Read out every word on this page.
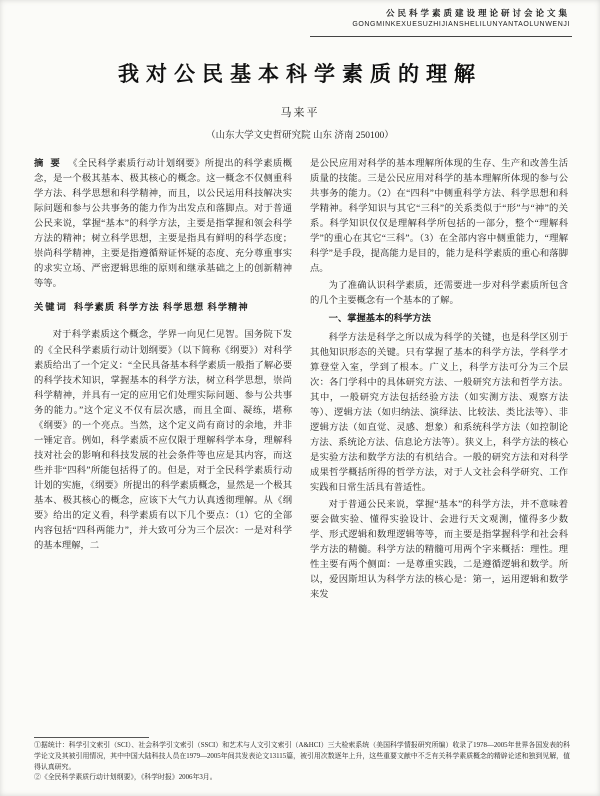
公民科学素质建设理论研讨会论文集
GONGMINKEXUESUZHIJIANSHELILUNYANTAOLUNWENJI
我对公民基本科学素质的理解
马来平
（山东大学文史哲研究院 山东 济南 250100）
摘 要 《全民科学素质行动计划纲要》所提出的科学素质概念，是一个极其基本、极其核心的概念。这一概念不仅侧重科学方法、科学思想和科学精神，而且，以公民运用科技解决实际问题和参与公共事务的能力作为出发点和落脚点。对于普通公民来说，掌握“基本”的科学方法，主要是指掌握和领会科学方法的精神；树立科学思想，主要是指具有鲜明的科学态度；崇尚科学精神，主要是指遵循辩证怀疑的态度、充分尊重事实的求实立场、严密逻辑思维的原则和继承基础之上的创新精神等等。
关键词 科学素质 科学方法 科学思想 科学精神

对于科学素质这个概念，学界一向见仁见智。国务院下发的《全民科学素质行动计划纲要》（以下简称《纲要》）对科学素质给出了一个定义：“全民具备基本科学素质一般指了解必要的科学技术知识，掌握基本的科学方法，树立科学思想，崇尚科学精神，并具有一定的应用它们处理实际问题、参与公共事务的能力。”这个定义不仅有层次感，而且全面、凝练，堪称《纲要》的一个亮点。当然，这个定义尚有商讨的余地，并非一锤定音。例如，科学素质不应仅限于理解科学本身，理解科技对社会的影响和科技发展的社会条件等也应是其内容，而这些并非“四科”所能包括得了的。但是，对于全民科学素质行动计划的实施，《纲要》所提出的科学素质概念，显然是一个极其基本、极其核心的概念，应该下大气力认真透彻理解。从《纲要》给出的定义看，科学素质有以下几个要点：（1）它的全部内容包括“四科两能力”，并大致可分为三个层次：一是对科学的基本理解，二

是公民应用对科学的基本理解所体现的生存、生产和改善生活质量的技能。三是公民应用对科学的基本理解所体现的参与公共事务的能力。（2）在“四科”中侧重科学方法、科学思想和科学精神。科学知识与其它“三科”的关系类似于“形”与“神”的关系。科学知识仅仅是理解科学所包括的一部分，整个“理解科学”的重心在其它“三科”。（3）在全部内容中侧重能力，“理解科学”是手段，提高能力是目的，能力是科学素质的重心和落脚点。

为了准确认识科学素质，还需要进一步对科学素质所包含的几个主要概念有一个基本的了解。

一、掌握基本的科学方法

科学方法是科学之所以成为科学的关键，也是科学区别于其他知识形态的关键。只有掌握了基本的科学方法，学科学才算登堂入室，学到了根本。广义上，科学方法可分为三个层次：各门学科中的具体研究方法、一般研究方法和哲学方法。其中，一般研究方法包括经验方法（如实测方法、观察方法等）、逻辑方法（如归纳法、演绎法、比较法、类比法等）、非逻辑方法（如直觉、灵感、想象）和系统科学方法（如控制论方法、系统论方法、信息论方法等）。狭义上，科学方法的核心是实验方法和数学方法的有机结合。一般的研究方法和对科学成果哲学概括所得的哲学方法，对于人文社会科学研究、工作实践和日常生活具有普适性。

对于普通公民来说，掌握“基本”的科学方法，并不意味着要会做实验、懂得实验设计、会进行天文观测，懂得多少数学、形式逻辑和数理逻辑等等，而主要是指掌握科学和社会科学方法的精髓。科学方法的精髓可用两个字来概括：理性。理性主要有两个侧面：一是尊重实践，二是遵循逻辑和数学。所以，爱因斯坦认为科学方法的核心是：第一，运用逻辑和数学来发

①据统计：科学引文索引（SCI）、社会科学引文索引（SSCI）和艺术与人文引文索引（A&HCI）三大检索系统（美国科学情报研究所编）收录了1978—2005年世界各国发表的科学论文及其被引用情况，其中中国大陆科技人员在1979—2005年间共发表论文13115篇，被引用次数逐年上升，这些重要文献中不乏有关科学素质概念的精辟论述和独到见解，值得认真研究。

②《全民科学素质行动计划纲要》，《科学时报》2006年3月。
